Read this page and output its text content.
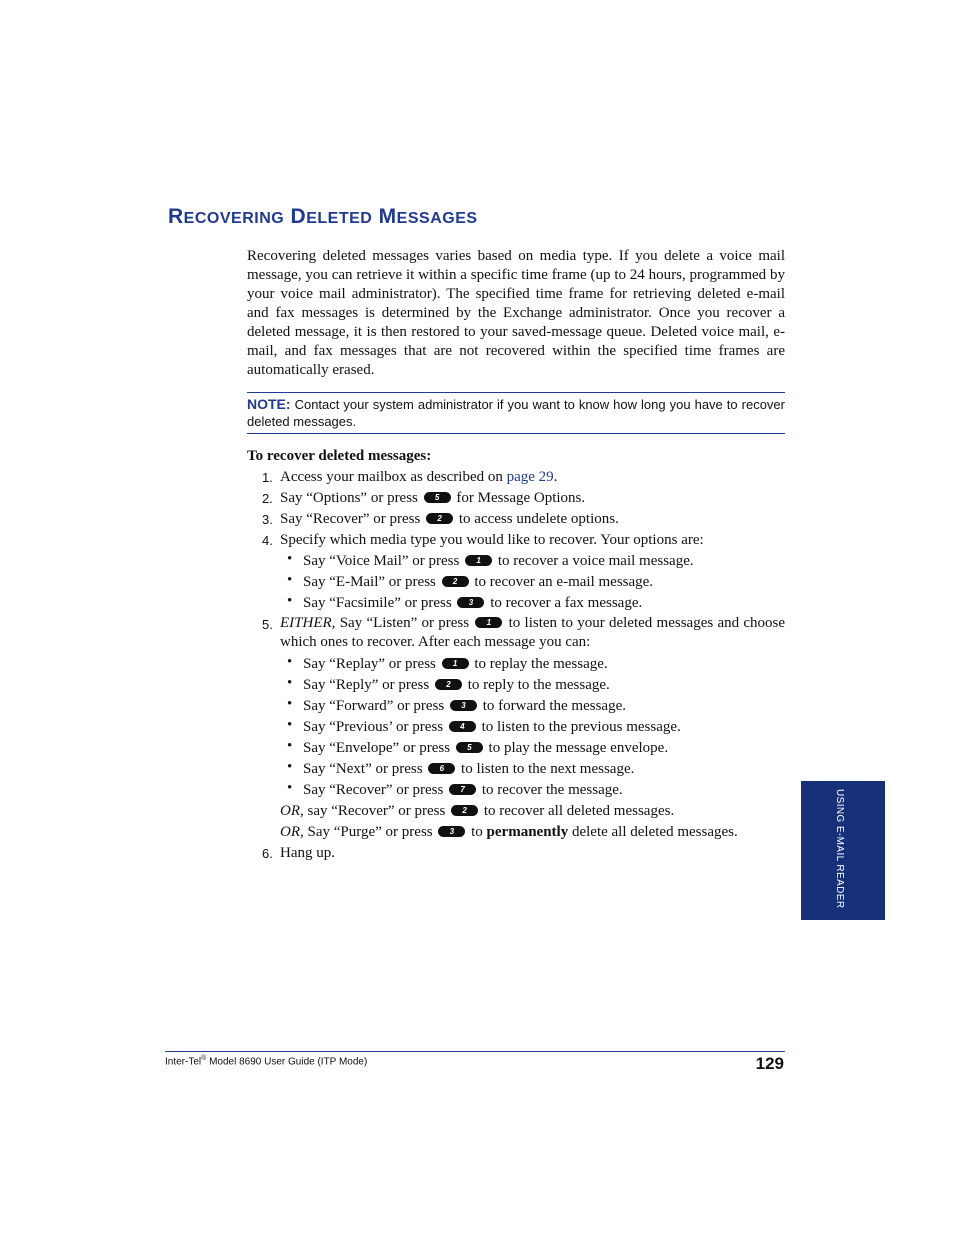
RECOVERING DELETED MESSAGES

Recovering deleted messages varies based on media type. If you delete a voice mail message, you can retrieve it within a specific time frame (up to 24 hours, programmed by your voice mail administrator). The specified time frame for retrieving deleted e-mail and fax messages is determined by the Exchange administrator. Once you recover a deleted message, it is then restored to your saved-message queue. Deleted voice mail, e-mail, and fax messages that are not recovered within the specified time frames are automatically erased.

NOTE: Contact your system administrator if you want to know how long you have to recover deleted messages.

To recover deleted messages:

1. Access your mailbox as described on page 29.
2. Say “Options” or press 5 for Message Options.
3. Say “Recover” or press 2 to access undelete options.
4. Specify which media type you would like to recover. Your options are:
• Say “Voice Mail” or press 1 to recover a voice mail message.
• Say “E-Mail” or press 2 to recover an e-mail message.
• Say “Facsimile” or press 3 to recover a fax message.
5. EITHER, Say “Listen” or press 1 to listen to your deleted messages and choose which ones to recover. After each message you can:
• Say “Replay” or press 1 to replay the message.
• Say “Reply” or press 2 to reply to the message.
• Say “Forward” or press 3 to forward the message.
• Say “Previous’ or press 4 to listen to the previous message.
• Say “Envelope” or press 5 to play the message envelope.
• Say “Next” or press 6 to listen to the next message.
• Say “Recover” or press 7 to recover the message.
OR, say “Recover” or press 2 to recover all deleted messages.
OR, Say “Purge” or press 3 to permanently delete all deleted messages.
6. Hang up.	USING E-MAIL READER
Inter-Tel® Model 8690 User Guide (ITP Mode)	129
